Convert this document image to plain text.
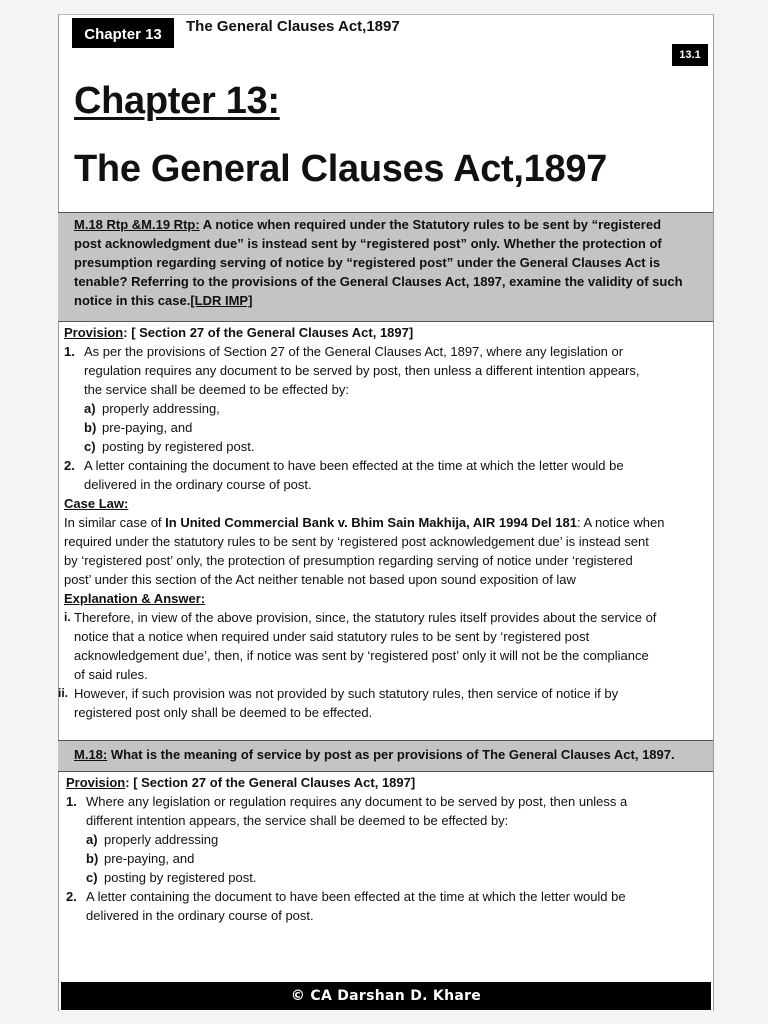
Chapter 13	The General Clauses Act,1897
13.1
Chapter 13:
The General Clauses Act,1897
M.18 Rtp &M.19 Rtp: A notice when required under the Statutory rules to be sent by “registered
post acknowledgment due” is instead sent by “registered post” only. Whether the protection of
presumption regarding serving of notice by “registered post” under the General Clauses Act is
tenable? Referring to the provisions of the General Clauses Act, 1897, examine the validity of such
notice in this case.[LDR IMP]
Provision: [ Section 27 of the General Clauses Act, 1897]
1. As per the provisions of Section 27 of the General Clauses Act, 1897, where any legislation or
regulation requires any document to be served by post, then unless a different intention appears,
the service shall be deemed to be effected by:
a) properly addressing,
b) pre-paying, and
c) posting by registered post.
2. A letter containing the document to have been effected at the time at which the letter would be
delivered in the ordinary course of post.
Case Law:
In similar case of In United Commercial Bank v. Bhim Sain Makhija, AIR 1994 Del 181: A notice when
required under the statutory rules to be sent by ‘registered post acknowledgement due’ is instead sent
by ‘registered post’ only, the protection of presumption regarding serving of notice under ‘registered
post’ under this section of the Act neither tenable not based upon sound exposition of law
Explanation & Answer:
i. Therefore, in view of the above provision, since, the statutory rules itself provides about the service of
notice that a notice when required under said statutory rules to be sent by ‘registered post
acknowledgement due’, then, if notice was sent by ‘registered post’ only it will not be the compliance
of said rules.
ii. However, if such provision was not provided by such statutory rules, then service of notice if by
registered post only shall be deemed to be effected.
M.18: What is the meaning of service by post as per provisions of The General Clauses Act, 1897.
Provision: [ Section 27 of the General Clauses Act, 1897]
1. Where any legislation or regulation requires any document to be served by post, then unless a
different intention appears, the service shall be deemed to be effected by:
a) properly addressing
b) pre-paying, and
c) posting by registered post.
2. A letter containing the document to have been effected at the time at which the letter would be
delivered in the ordinary course of post.
© CA Darshan D. Khare
